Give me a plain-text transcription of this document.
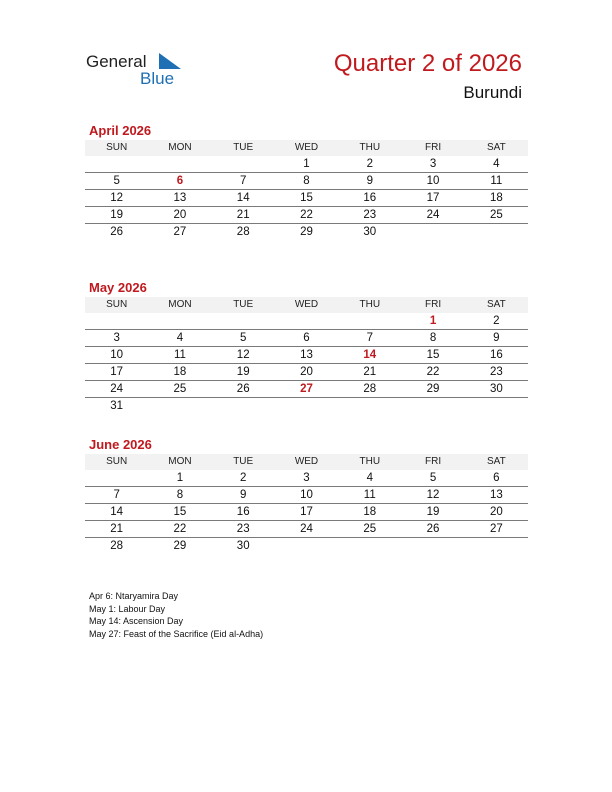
General
Blue
Quarter 2 of 2026
Burundi
April 2026
SUN	MON	TUE	WED	THU	FRI	SAT
			1	2	3	4
5	6	7	8	9	10	11
12	13	14	15	16	17	18
19	20	21	22	23	24	25
26	27	28	29	30		
May 2026
SUN	MON	TUE	WED	THU	FRI	SAT
					1	2
3	4	5	6	7	8	9
10	11	12	13	14	15	16
17	18	19	20	21	22	23
24	25	26	27	28	29	30
31						
June 2026
SUN	MON	TUE	WED	THU	FRI	SAT
	1	2	3	4	5	6
7	8	9	10	11	12	13
14	15	16	17	18	19	20
21	22	23	24	25	26	27
28	29	30				
Apr 6: Ntaryamira Day
May 1: Labour Day
May 14: Ascension Day
May 27: Feast of the Sacrifice (Eid al-Adha)
